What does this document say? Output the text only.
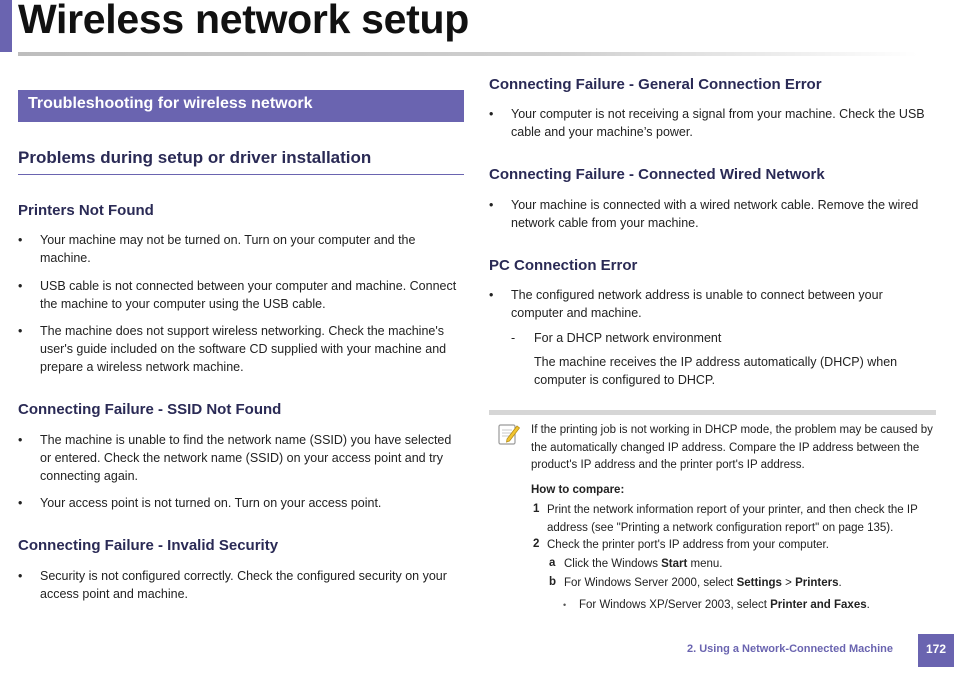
Wireless network setup
Troubleshooting for wireless network
Problems during setup or driver installation
Printers Not Found
• Your machine may not be turned on. Turn on your computer and the machine.
• USB cable is not connected between your computer and machine. Connect the machine to your computer using the USB cable.
• The machine does not support wireless networking. Check the machine's user's guide included on the software CD supplied with your machine and prepare a wireless network machine.
Connecting Failure - SSID Not Found
• The machine is unable to find the network name (SSID) you have selected or entered. Check the network name (SSID) on your access point and try connecting again.
• Your access point is not turned on. Turn on your access point.
Connecting Failure - Invalid Security
• Security is not configured correctly. Check the configured security on your access point and machine.
Connecting Failure - General Connection Error
• Your computer is not receiving a signal from your machine. Check the USB cable and your machine’s power.
Connecting Failure - Connected Wired Network
• Your machine is connected with a wired network cable. Remove the wired network cable from your machine.
PC Connection Error
• The configured network address is unable to connect between your computer and machine.
- For a DHCP network environment
The machine receives the IP address automatically (DHCP) when computer is configured to DHCP.
If the printing job is not working in DHCP mode, the problem may be caused by the automatically changed IP address. Compare the IP address between the product's IP address and the printer port's IP address.
How to compare:
1 Print the network information report of your printer, and then check the IP address (see "Printing a network configuration report" on page 135).
2 Check the printer port's IP address from your computer.
a Click the Windows Start menu.
b For Windows Server 2000, select Settings > Printers.
• For Windows XP/Server 2003, select Printer and Faxes.
2. Using a Network-Connected Machine	172
